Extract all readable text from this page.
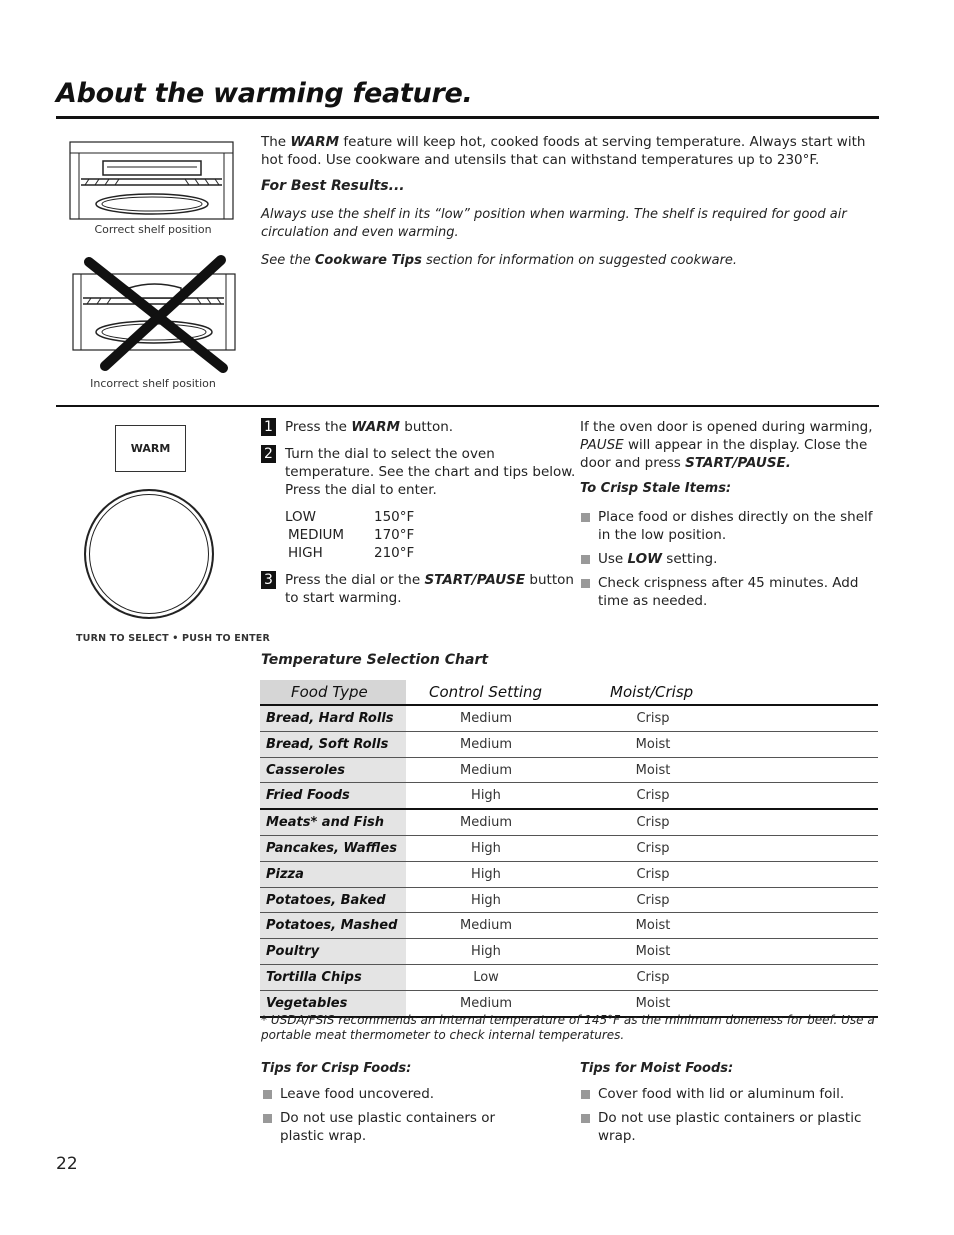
About the warming feature.
Correct shelf position
Incorrect shelf position
The WARM feature will keep hot, cooked foods at serving temperature. Always start with hot food. Use cookware and utensils that can withstand temperatures up to 230°F.
For Best Results...
Always use the shelf in its “low” position when warming. The shelf is required for good air circulation and even warming.
See the Cookware Tips section for information on suggested cookware.
WARM
TURN TO SELECT • PUSH TO ENTER
1 Press the WARM button.
2 Turn the dial to select the oven temperature. See the chart and tips below. Press the dial to enter.
LOW	150°F
MEDIUM 170°F
HIGH	210°F
3 Press the dial or the START/PAUSE button to start warming.
If the oven door is opened during warming, PAUSE will appear in the display. Close the door and press START/PAUSE.
To Crisp Stale Items:
Place food or dishes directly on the shelf in the low position.
Use LOW setting.
Check crispness after 45 minutes. Add time as needed.
Temperature Selection Chart
Food Type	Control Setting	Moist/Crisp
Bread, Hard Rolls	Medium	Crisp
Bread, Soft Rolls	Medium	Moist
Casseroles	Medium	Moist
Fried Foods	High	Crisp
Meats* and Fish	Medium	Crisp
Pancakes, Waffles	High	Crisp
Pizza	High	Crisp
Potatoes, Baked	High	Crisp
Potatoes, Mashed	Medium	Moist
Poultry	High	Moist
Tortilla Chips	Low	Crisp
Vegetables	Medium	Moist
* USDA/FSIS recommends an internal temperature of 145°F as the minimum doneness for beef. Use a portable meat thermometer to check internal temperatures.
Tips for Crisp Foods:
Leave food uncovered.
Do not use plastic containers or plastic wrap.
Tips for Moist Foods:
Cover food with lid or aluminum foil.
Do not use plastic containers or plastic wrap.
22
